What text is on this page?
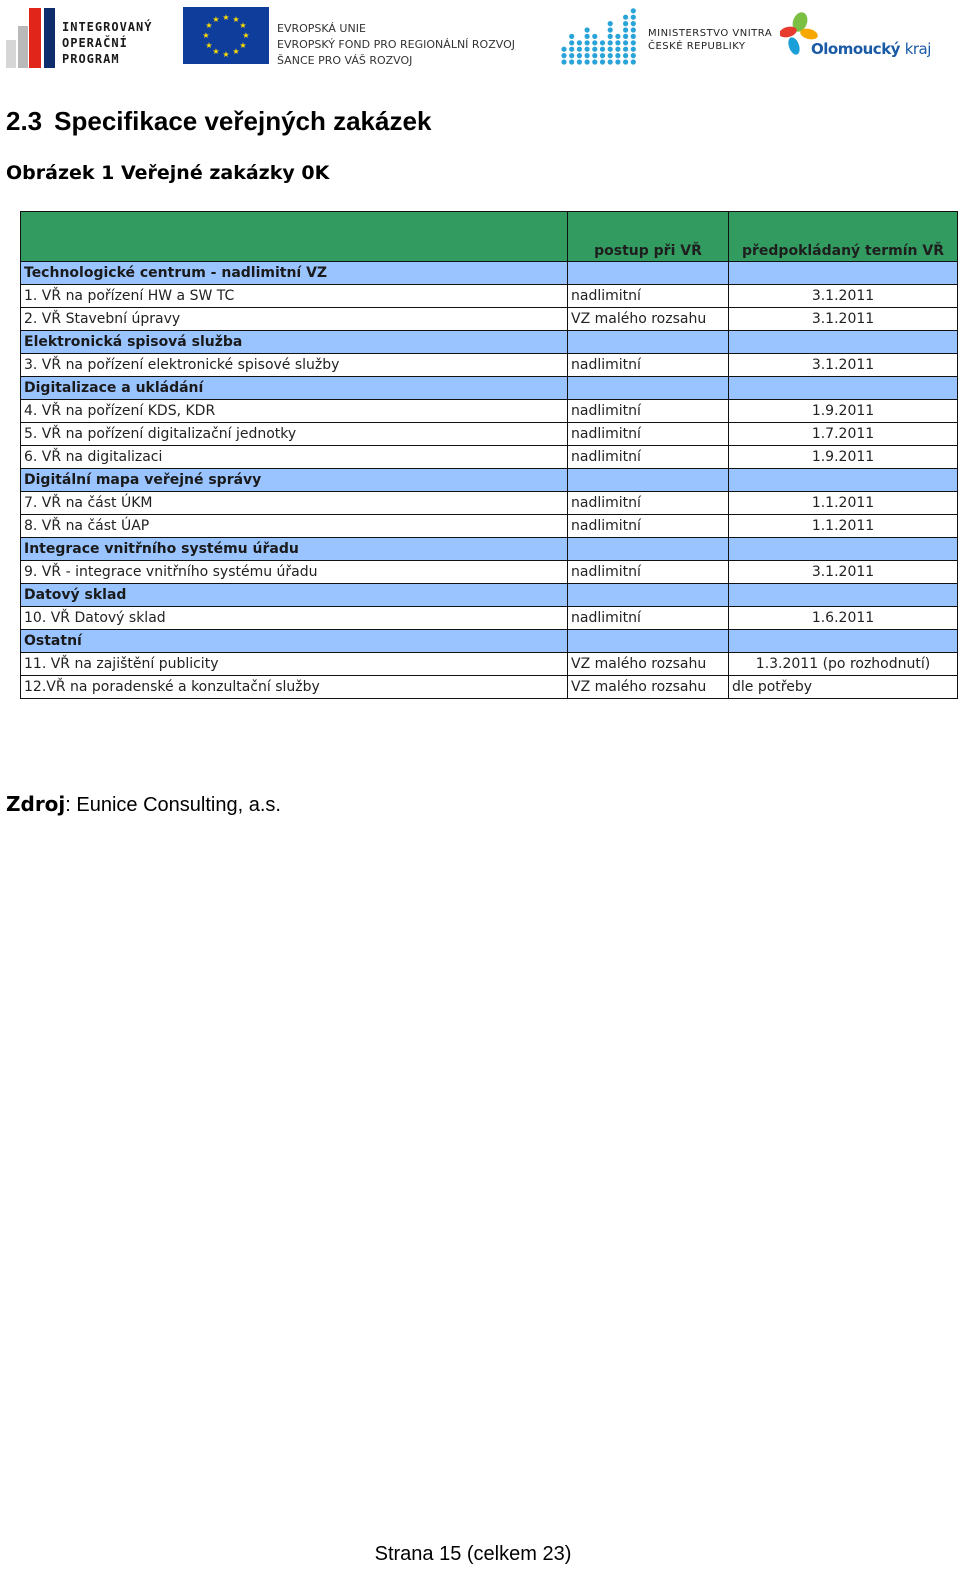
INTEGROVANÝ
OPERAČNÍ
PROGRAM
★ ★
★
★
★
★
★
★
★
★
★
★
EVROPSKÁ UNIE
EVROPSKÝ FOND PRO REGIONÁLNÍ ROZVOJ
ŠANCE PRO VÁŠ ROZVOJ
MINISTERSTVO VNITRA
ČESKÉ REPUBLIKY	Olomoucký kraj
2.3 Specifikace veřejných zakázek
Obrázek 1 Veřejné zakázky 0K
	postup při VŘ	předpokládaný termín VŘ
Technologické centrum - nadlimitní VZ		
1. VŘ na pořízení HW a SW TC	nadlimitní	3.1.2011
2. VŘ Stavební úpravy	VZ malého rozsahu	3.1.2011
Elektronická spisová služba		
3. VŘ na pořízení elektronické spisové služby	nadlimitní	3.1.2011
Digitalizace a ukládání		
4. VŘ na pořízení KDS, KDR	nadlimitní	1.9.2011
5. VŘ na pořízení digitalizační jednotky	nadlimitní	1.7.2011
6. VŘ na digitalizaci	nadlimitní	1.9.2011
Digitální mapa veřejné správy		
7. VŘ na část ÚKM	nadlimitní	1.1.2011
8. VŘ na část ÚAP	nadlimitní	1.1.2011
Integrace vnitřního systému úřadu		
9. VŘ - integrace vnitřního systému úřadu	nadlimitní	3.1.2011
Datový sklad		
10. VŘ Datový sklad	nadlimitní	1.6.2011
Ostatní		
11. VŘ na zajištění publicity	VZ malého rozsahu	1.3.2011 (po rozhodnutí)
12.VŘ na poradenské a konzultační služby	VZ malého rozsahu	dle potřeby

Zdroj: Eunice Consulting, a.s.

Strana 15 (celkem 23)
